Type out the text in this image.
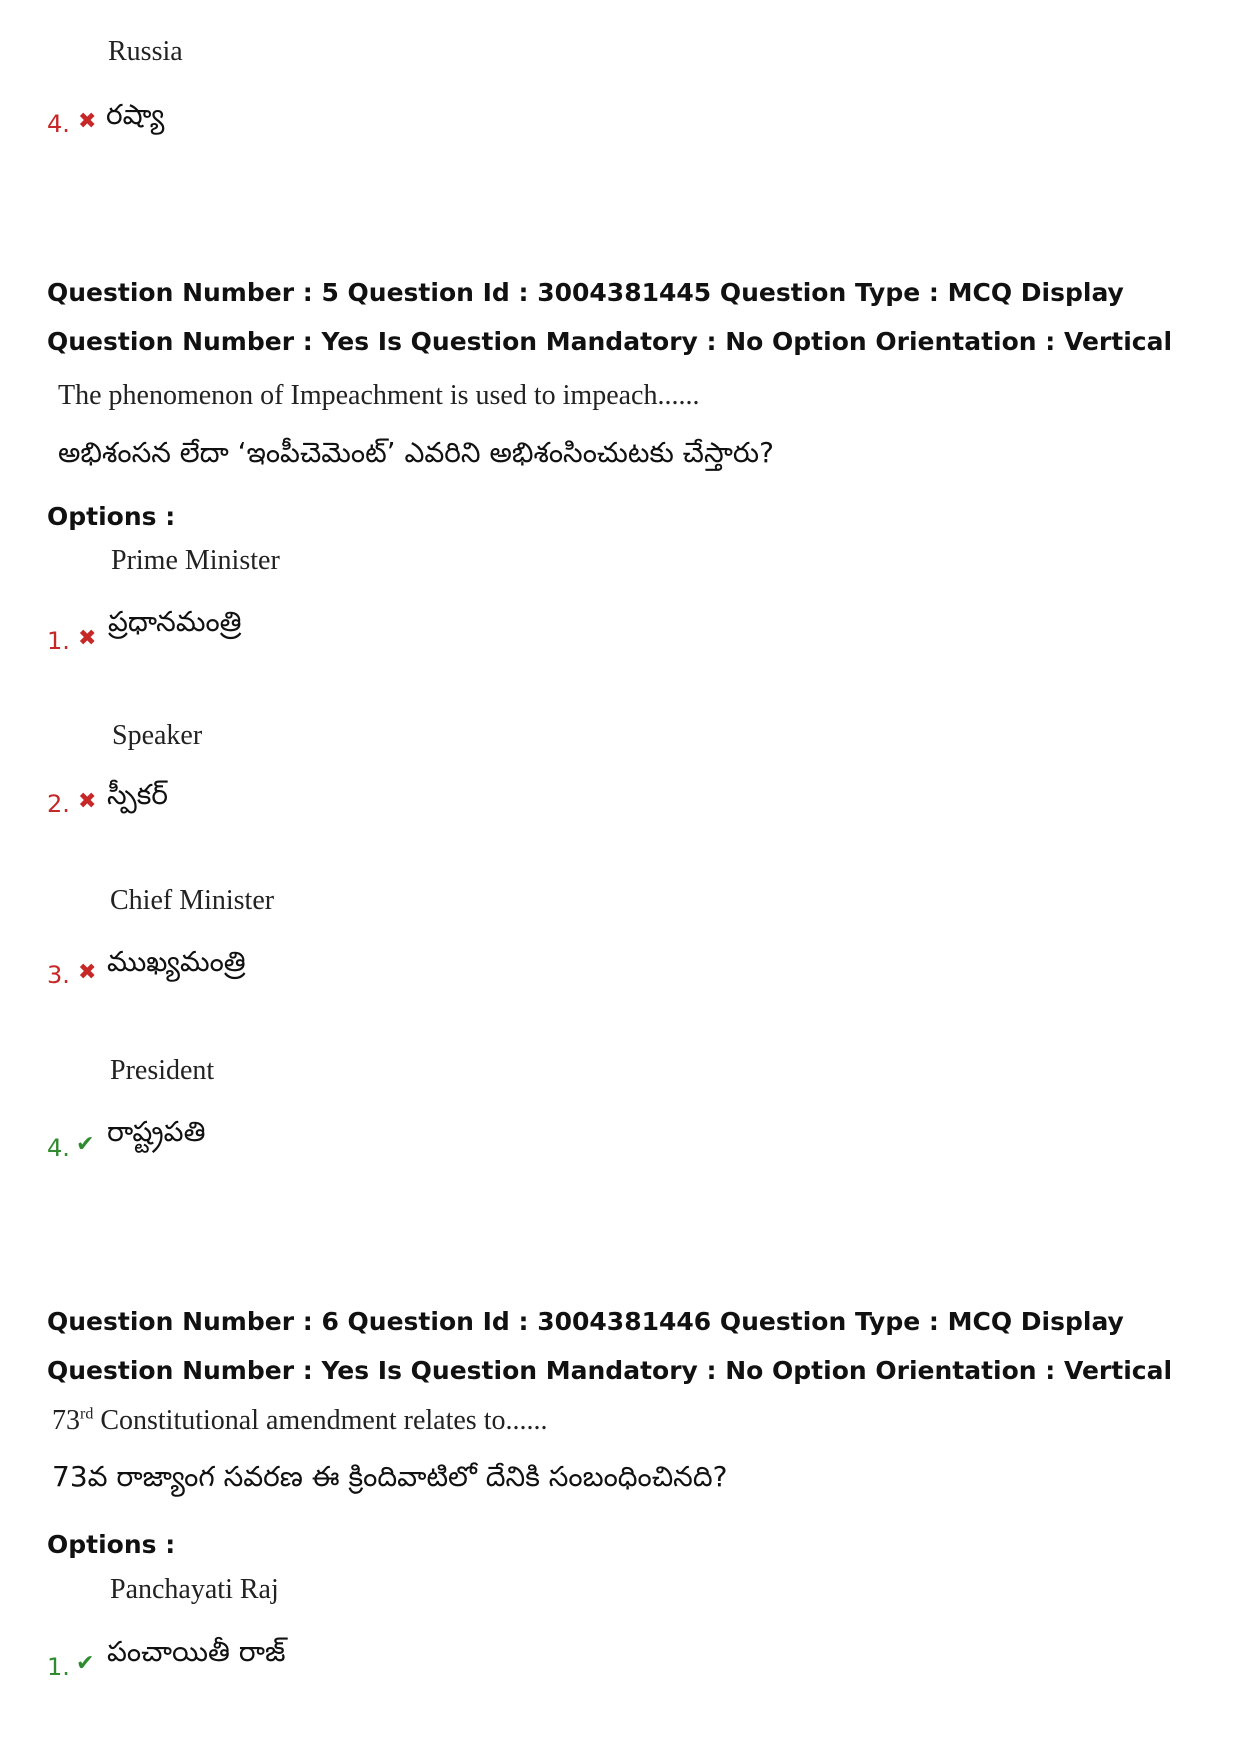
Russia
4. ✖ రష్యా
Question Number : 5 Question Id : 3004381445 Question Type : MCQ Display Question Number : Yes Is Question Mandatory : No Option Orientation : Vertical
The phenomenon of Impeachment is used to impeach......
అభిశంసన లేదా ‘ఇంపీచెమెంట్’ ఎవరిని అభిశంసించుటకు చేస్తారు?
Options :
Prime Minister
1. ✖
ప్రధానమంత్రి
Speaker
2. ✖ స్పీకర్
Chief Minister
3. ✖ ముఖ్యమంత్రి
President
4. ✔ రాష్ట్రపతి
Question Number : 6 Question Id : 3004381446 Question Type : MCQ Display Question Number : Yes Is Question Mandatory : No Option Orientation : Vertical
73rd Constitutional amendment relates to......
73వ రాజ్యాంగ సవరణ ఈ క్రిందివాటిలో దేనికి సంబంధించినది?
Options :
Panchayati Raj
1. ✔ పంచాయితీ రాజ్
